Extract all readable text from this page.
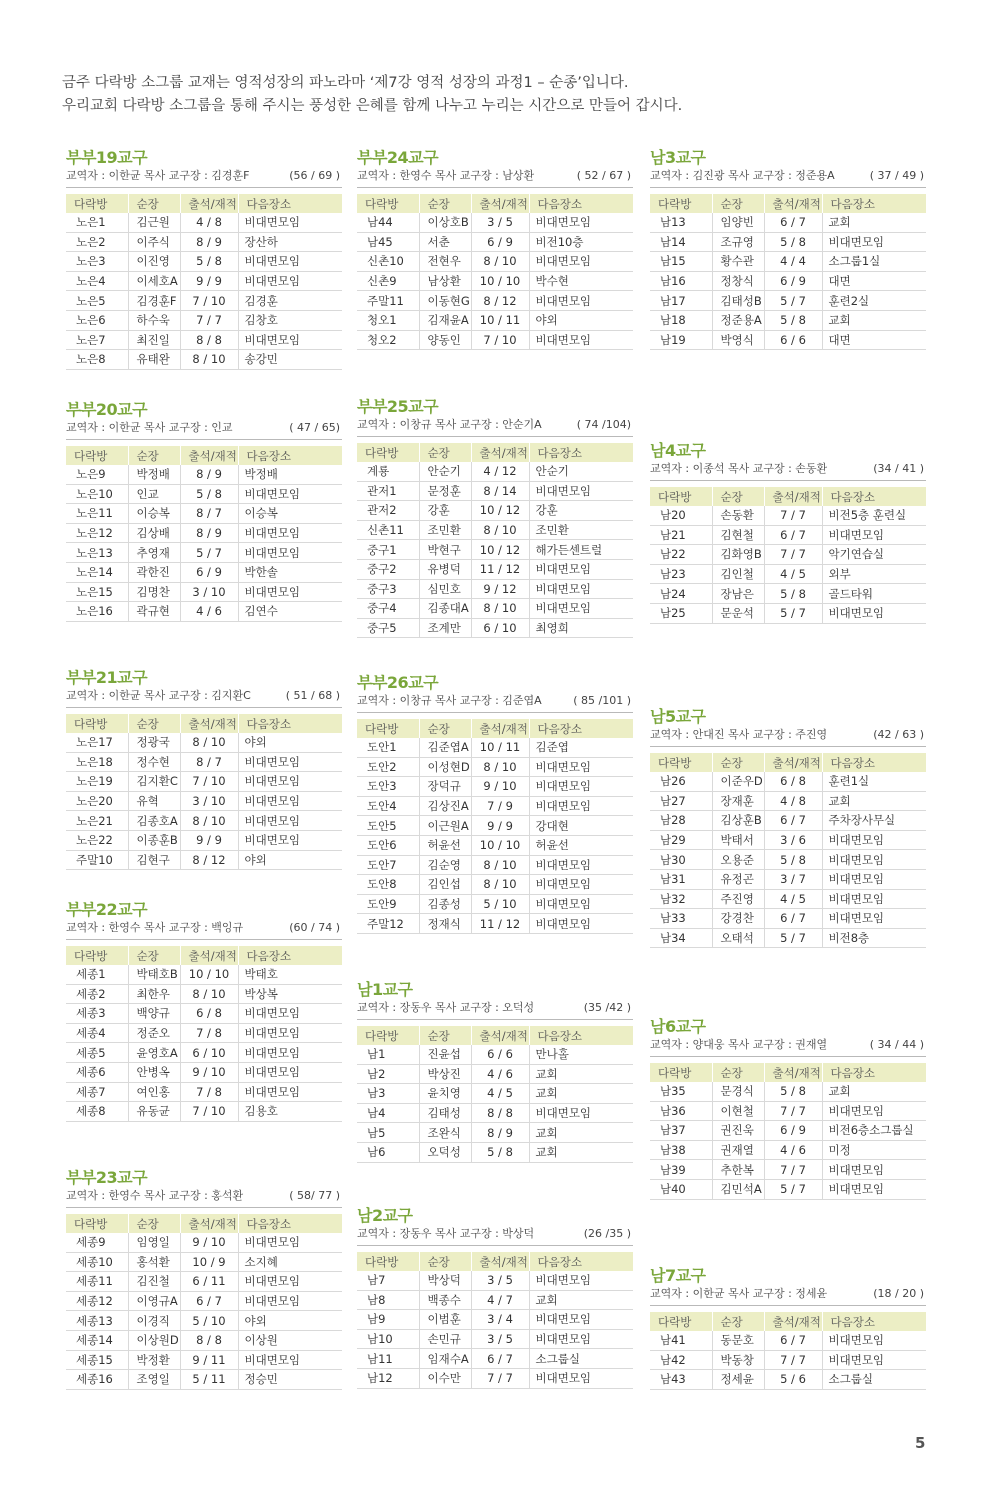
금주 다락방 소그룹 교재는 영적성장의 파노라마 ‘제7강 영적 성장의 과정1 – 순종’입니다.
우리교회 다락방 소그룹을 통해 주시는 풍성한 은혜를 함께 나누고 누리는 시간으로 만들어 갑시다.
부부19교구
교역자 : 이한균 목사 교구장 : 김경훈F	(56 / 69 )
다락방	순장	출석/재적	다음장소
노은1	김근원	4 / 8	비대면모임
노은2	이주식	8 / 9	장산하
노은3	이진영	5 / 8	비대면모임
노은4	이세호A	9 / 9	비대면모임
노은5	김경훈F	7 / 10	김경훈
노은6	하수욱	7 / 7	김창호
노은7	최진일	8 / 8	비대면모임
노은8	유태완	8 / 10	송강민
부부20교구
교역자 : 이한균 목사 교구장 : 인교	( 47 / 65)
다락방	순장	출석/재적	다음장소
노은9	박정배	8 / 9	박정배
노은10	인교	5 / 8	비대면모임
노은11	이승복	8 / 7	이승복
노은12	김상배	8 / 9	비대면모임
노은13	추영재	5 / 7	비대면모임
노은14	곽한진	6 / 9	박한솔
노은15	김명찬	3 / 10	비대면모임
노은16	곽규현	4 / 6	김연수
부부21교구
교역자 : 이한균 목사 교구장 : 김지환C	( 51 / 68 )
다락방	순장	출석/재적	다음장소
노은17	정광국	8 / 10	야외
노은18	정수현	8 / 7	비대면모임
노은19	김지환C	7 / 10	비대면모임
노은20	유혁	3 / 10	비대면모임
노은21	김종호A	8 / 10	비대면모임
노은22	이종훈B	9 / 9	비대면모임
주말10	김현구	8 / 12	야외
부부22교구
교역자 : 한영수 목사 교구장 : 백잉규	(60 / 74 )
다락방	순장	출석/재적	다음장소
세종1	박태호B	10 / 10	박태호
세종2	최한우	8 / 10	박상복
세종3	백양규	6 / 8	비대면모임
세종4	정준오	7 / 8	비대면모임
세종5	윤영호A	6 / 10	비대면모임
세종6	안병옥	9 / 10	비대면모임
세종7	여인홍	7 / 8	비대면모임
세종8	유동균	7 / 10	김용호
부부23교구
교역자 : 한영수 목사 교구장 : 홍석환	( 58/ 77 )
다락방	순장	출석/재적	다음장소
세종9	임영일	9 / 10	비대면모임
세종10	홍석환	10 / 9	소지혜
세종11	김진철	6 / 11	비대면모임
세종12	이영규A	6 / 7	비대면모임
세종13	이경직	5 / 10	야외
세종14	이상원D	8 / 8	이상원
세종15	박정환	9 / 11	비대면모임
세종16	조영일	5 / 11	정승민
부부24교구
교역자 : 한영수 목사 교구장 : 남상환	( 52 / 67 )
다락방	순장	출석/재적	다음장소
남44	이상호B	3 / 5	비대면모임
남45	서춘	6 / 9	비전10층
신촌10	전현우	8 / 10	비대면모임
신촌9	남상환	10 / 10	박수현
주말11	이동현G	8 / 12	비대면모임
청오1	김재윤A	10 / 11	야외
청오2	양동인	7 / 10	비대면모임
부부25교구
교역자 : 이창규 목사 교구장 : 안순기A	( 74 /104)
다락방	순장	출석/재적	다음장소
계룡	안순기	4 / 12	안순기
관저1	문정훈	8 / 14	비대면모임
관저2	강훈	10 / 12	강훈
신촌11	조민환	8 / 10	조민환
중구1	박현구	10 / 12	해가든센트럴
중구2	유병덕	11 / 12	비대면모임
중구3	심민호	9 / 12	비대면모임
중구4	김종대A	8 / 10	비대면모임
중구5	조계만	6 / 10	최영희
부부26교구
교역자 : 이창규 목사 교구장 : 김준엽A	( 85 /101 )
다락방	순장	출석/재적	다음장소
도안1	김준엽A	10 / 11	김준엽
도안2	이성현D	8 / 10	비대면모임
도안3	장덕규	9 / 10	비대면모임
도안4	김상진A	7 / 9	비대면모임
도안5	이근원A	9 / 9	강대현
도안6	허윤선	10 / 10	허윤선
도안7	김순영	8 / 10	비대면모임
도안8	김인섭	8 / 10	비대면모임
도안9	김종성	5 / 10	비대면모임
주말12	정재식	11 / 12	비대면모임
남1교구
교역자 : 장동우 목사 교구장 : 오덕성	(35 /42 )
다락방	순장	출석/재적	다음장소
남1	진윤섭	6 / 6	만나홀
남2	박상진	4 / 6	교회
남3	윤치영	4 / 5	교회
남4	김태성	8 / 8	비대면모임
남5	조완식	8 / 9	교회
남6	오덕성	5 / 8	교회
남2교구
교역자 : 장동우 목사 교구장 : 박상덕	(26 /35 )
다락방	순장	출석/재적	다음장소
남7	박상덕	3 / 5	비대면모임
남8	백종수	4 / 7	교회
남9	이범훈	3 / 4	비대면모임
남10	손민규	3 / 5	비대면모임
남11	임재수A	6 / 7	소그룹실
남12	이수만	7 / 7	비대면모임
남3교구
교역자 : 김진광 목사 교구장 : 정준용A	( 37 / 49 )
다락방	순장	출석/재적	다음장소
남13	임양빈	6 / 7	교회
남14	조규영	5 / 8	비대면모임
남15	황수관	4 / 4	소그룹1실
남16	정창식	6 / 9	대면
남17	김태성B	5 / 7	훈련2실
남18	정준용A	5 / 8	교회
남19	박영식	6 / 6	대면
남4교구
교역자 : 이종석 목사 교구장 : 손동환	(34 / 41 )
다락방	순장	출석/재적	다음장소
남20	손동환	7 / 7	비전5층 훈련실
남21	김현철	6 / 7	비대면모임
남22	김화영B	7 / 7	악기연습실
남23	김인철	4 / 5	외부
남24	장남은	5 / 8	골드타워
남25	문운석	5 / 7	비대면모임
남5교구
교역자 : 안대진 목사 교구장 : 주진영	(42 / 63 )
다락방	순장	출석/재적	다음장소
남26	이준우D	6 / 8	훈련1실
남27	장재훈	4 / 8	교회
남28	김상훈B	6 / 7	주차장사무실
남29	박태서	3 / 6	비대면모임
남30	오용준	5 / 8	비대면모임
남31	유정곤	3 / 7	비대면모임
남32	주진영	4 / 5	비대면모임
남33	강경찬	6 / 7	비대면모임
남34	오태석	5 / 7	비전8층
남6교구
교역자 : 양대웅 목사 교구장 : 권재열	( 34 / 44 )
다락방	순장	출석/재적	다음장소
남35	문경식	5 / 8	교회
남36	이현철	7 / 7	비대면모임
남37	권진욱	6 / 9	비전6층소그룹실
남38	권재열	4 / 6	미정
남39	추한복	7 / 7	비대면모임
남40	김민석A	5 / 7	비대면모임
남7교구
교역자 : 이한균 목사 교구장 : 정세윤	(18 / 20 )
다락방	순장	출석/재적	다음장소
남41	동문호	6 / 7	비대면모임
남42	박동창	7 / 7	비대면모임
남43	정세윤	5 / 6	소그룹실
5
